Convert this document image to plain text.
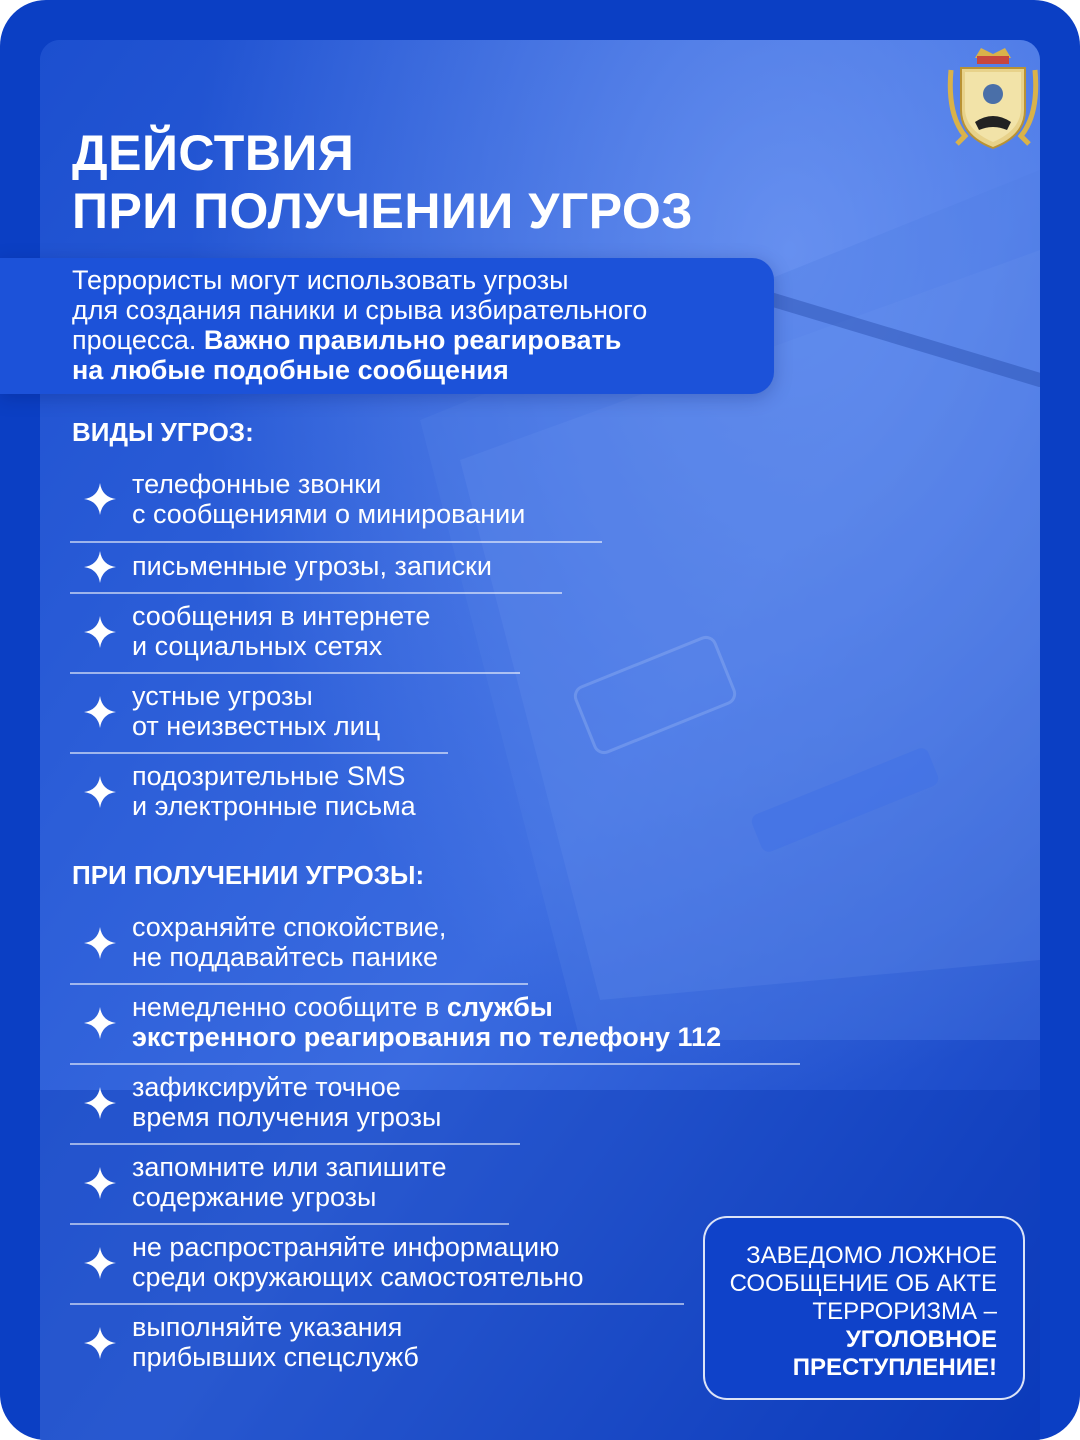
ДЕЙСТВИЯ
ПРИ ПОЛУЧЕНИИ УГРОЗ
Террористы могут использовать угрозы
для создания паники и срыва избирательного
процесса. Важно правильно реагировать
на любые подобные сообщения
ВИДЫ УГРОЗ:
телефонные звонки
с сообщениями о минировании
письменные угрозы, записки
сообщения в интернете
и социальных сетях
устные угрозы
от неизвестных лиц
подозрительные SMS
и электронные письма
ПРИ ПОЛУЧЕНИИ УГРОЗЫ:
сохраняйте спокойствие,
не поддавайтесь панике
немедленно сообщите в службы
экстренного реагирования по телефону 112
зафиксируйте точное
время получения угрозы
запомните или запишите
содержание угрозы
не распространяйте информацию
среди окружающих самостоятельно
выполняйте указания
прибывших спецслужб
ЗАВЕДОМО ЛОЖНОЕ
СООБЩЕНИЕ ОБ АКТЕ
ТЕРРОРИЗМА –
УГОЛОВНОЕ
ПРЕСТУПЛЕНИЕ!
